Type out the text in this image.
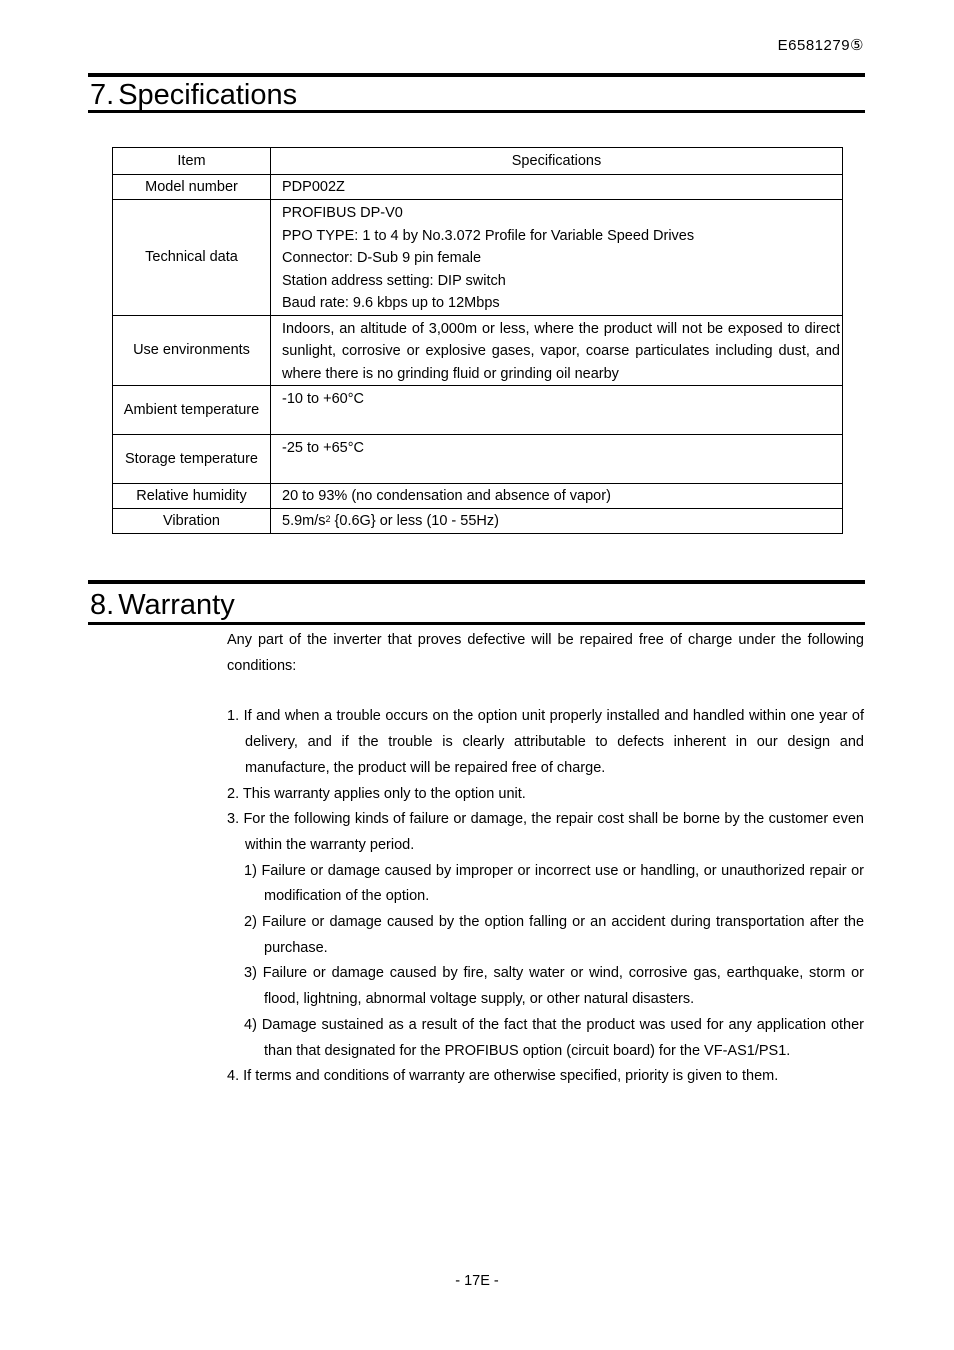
E6581279⑤
7. Specifications
Item	Specifications
Model number	PDP002Z

Technical data	PROFIBUS DP-V0
PPO TYPE: 1 to 4 by No.3.072 Profile for Variable Speed Drives
Connector: D-Sub 9 pin female
Station address setting: DIP switch
Baud rate: 9.6 kbps up to 12Mbps

Use environments	Indoors, an altitude of 3,000m or less, where the product will not be exposed to direct sunlight, corrosive or explosive gases, vapor, coarse particulates including dust, and where there is no grinding fluid or grinding oil nearby
Ambient temperature	-10 to +60°C

Storage temperature	-25 to +65°C

Relative humidity	20 to 93% (no condensation and absence of vapor)

Vibration	$5.9m/s^2$ {0.6G} or less (10 - 55Hz)
8. Warranty

Any part of the inverter that proves defective will be repaired free of charge under the following conditions:

1. If and when a trouble occurs on the option unit properly installed and handled within one year of delivery, and if the trouble is clearly attributable to defects inherent in our design and manufacture, the product will be repaired free of charge.

2. This warranty applies only to the option unit.

3. For the following kinds of failure or damage, the repair cost shall be borne by the customer even within the warranty period.

1) Failure or damage caused by improper or incorrect use or handling, or unauthorized repair or modification of the option.

2) Failure or damage caused by the option falling or an accident during transportation after the purchase.

3) Failure or damage caused by fire, salty water or wind, corrosive gas, earthquake, storm or flood, lightning, abnormal voltage supply, or other natural disasters.

4) Damage sustained as a result of the fact that the product was used for any application other than that designated for the PROFIBUS option (circuit board) for the VF-AS1/PS1.

4. If terms and conditions of warranty are otherwise specified, priority is given to them.

- 17E -
